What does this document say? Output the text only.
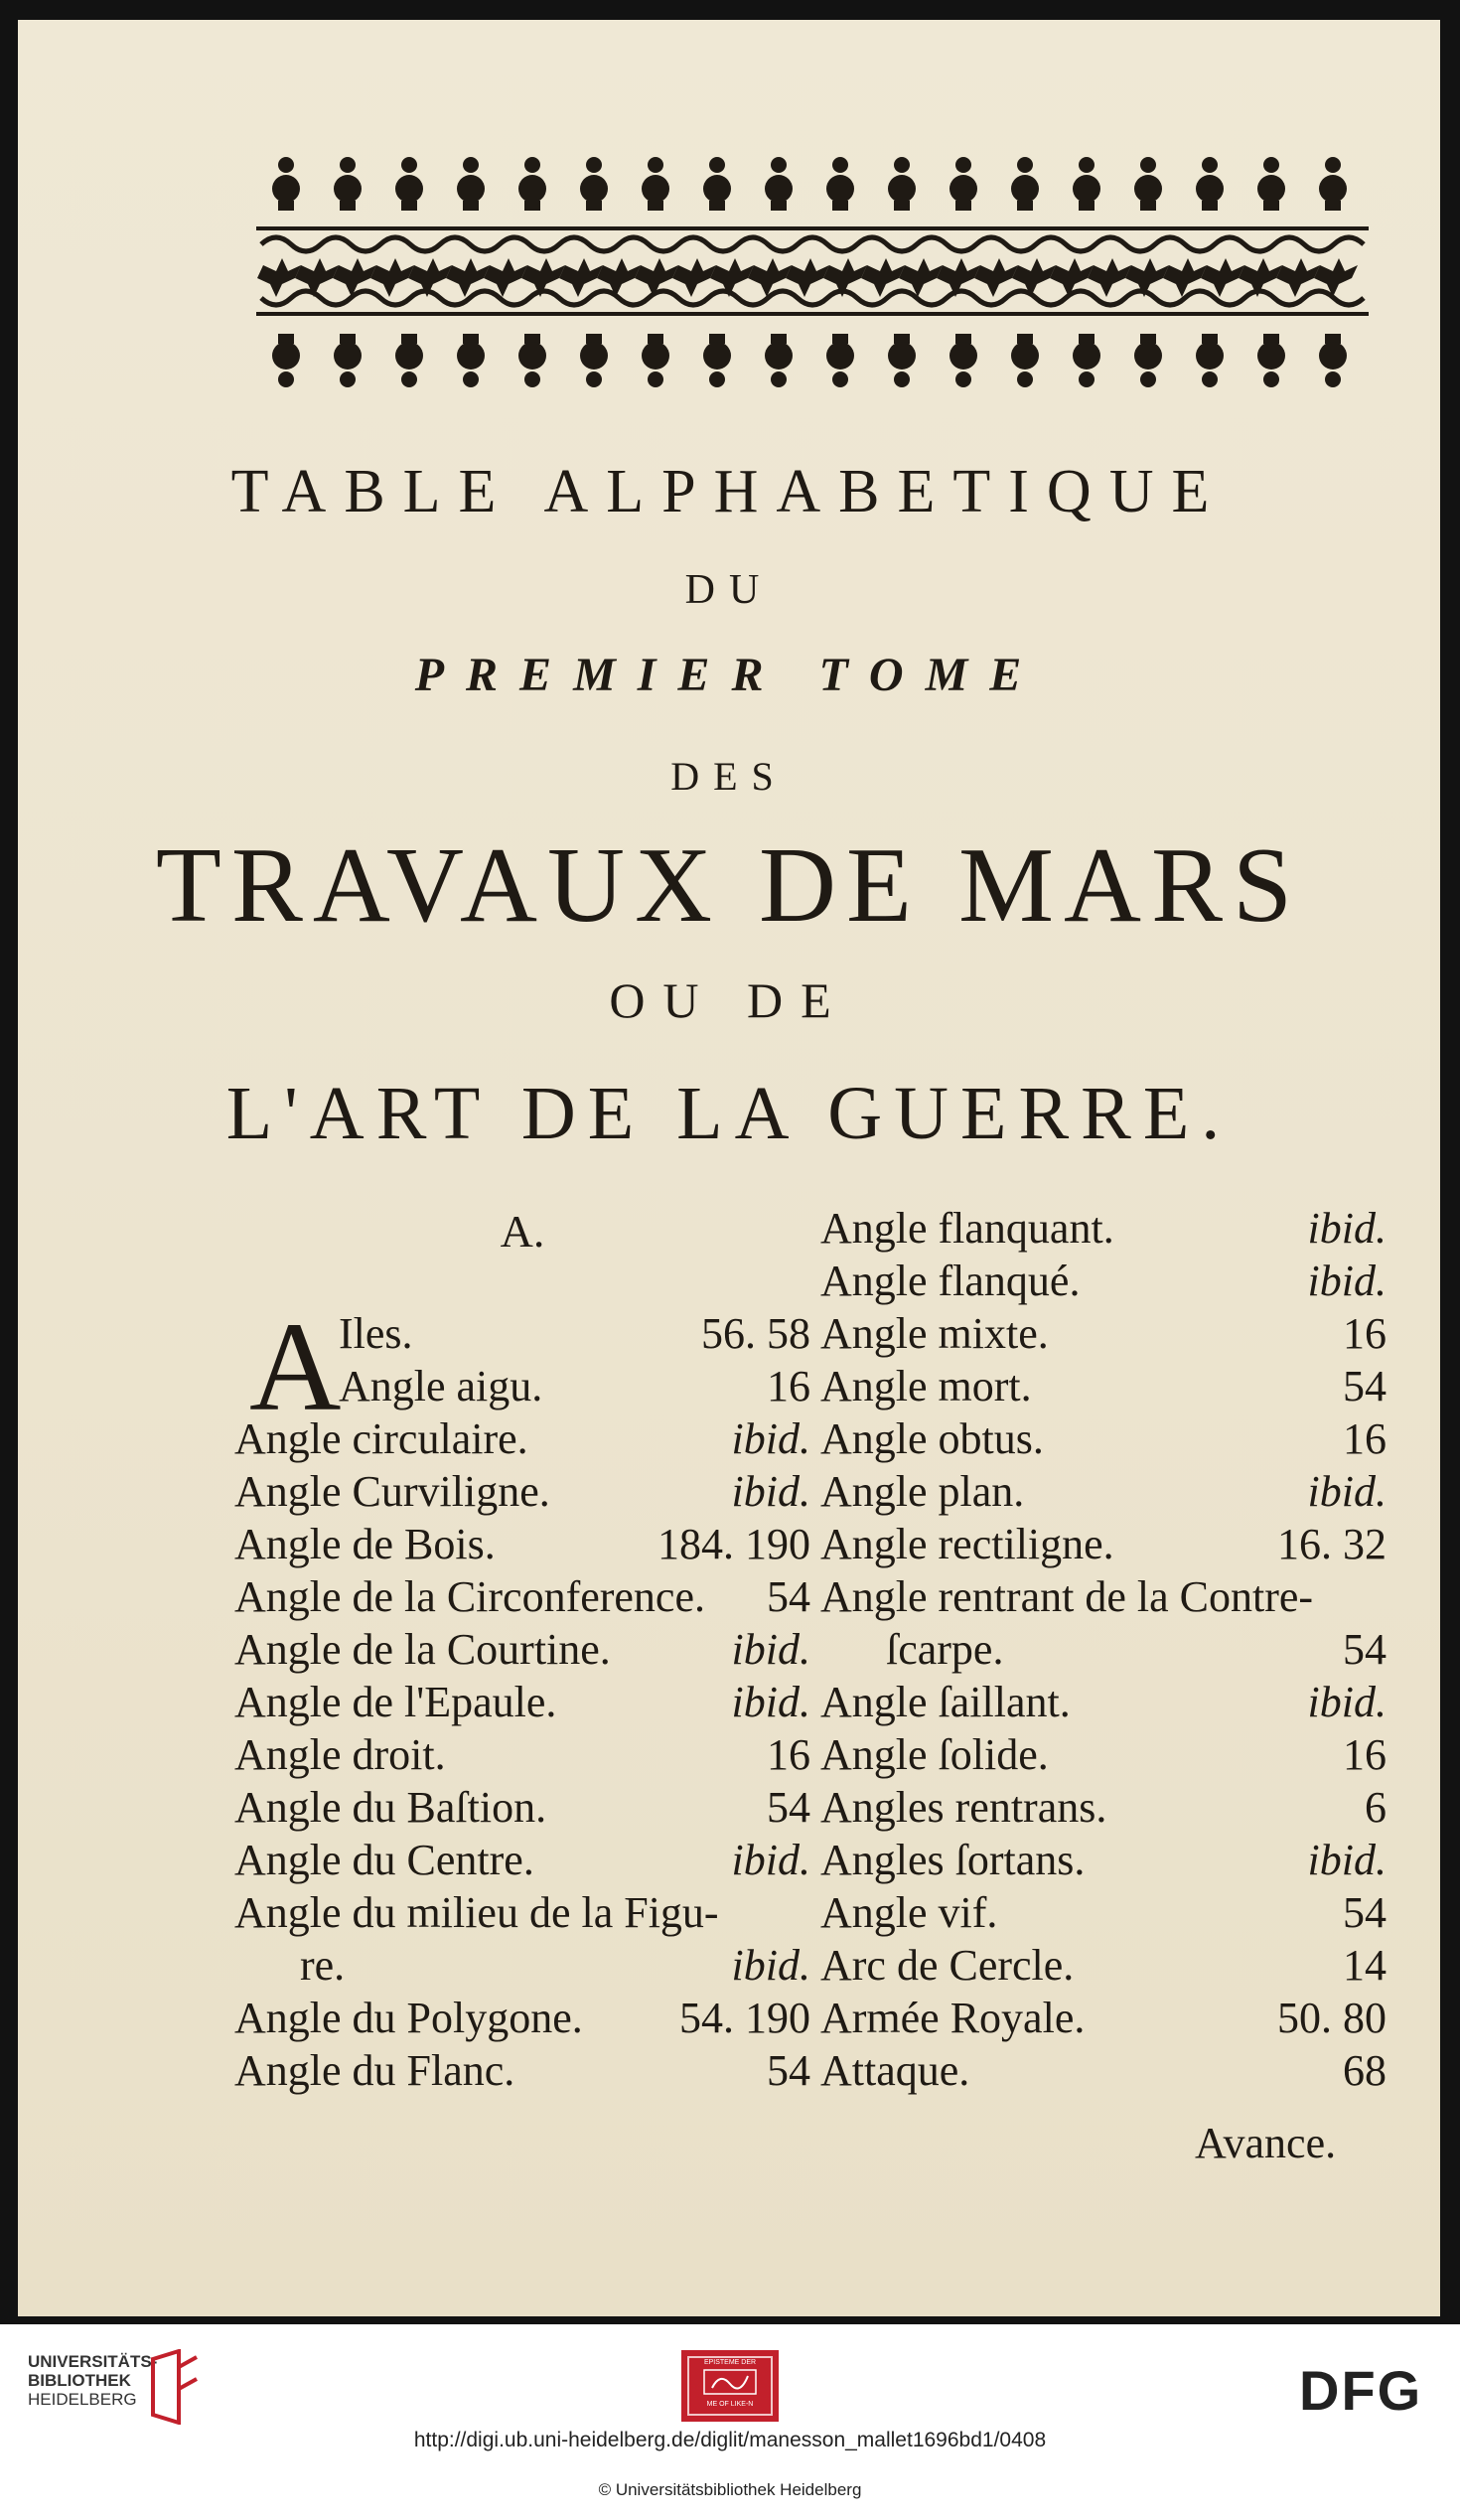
TABLE ALPHABETIQUE
DU
PREMIER TOME
DES
TRAVAUX DE MARS
OU DE
L'ART DE LA GUERRE.
A.
A
Iles.	56. 58
Angle aigu.	16
Angle circulaire.	ibid.
Angle Curviligne.	ibid.
Angle de Bois.	184. 190
Angle de la Circonference. 54
Angle de la Courtine.	ibid.
Angle de l'Epaule.	ibid.
Angle droit.	16
Angle du Baſtion.	54
Angle du Centre.	ibid.
Angle du milieu de la Figu-
re.	ibid.
Angle du Polygone. 54. 190
Angle du Flanc.	54
Angle flanquant.	ibid.
Angle flanqué.	ibid.
Angle mixte.	16
Angle mort.	54
Angle obtus.	16
Angle plan.	ibid.
Angle rectiligne.	16. 32
Angle rentrant de la Contre-
ſcarpe.	54
Angle ſaillant.	ibid.
Angle ſolide.	16
Angles rentrans.	6
Angles ſortans.	ibid.
Angle vif.	54
Arc de Cercle.	14
Armée Royale.	50. 80
Attaque.	68
Avance.
UNIVERSITÄTS-
BIBLIOTHEK
HEIDELBERG
EPISTEME DER
ME OF LIKE-N	DFG
http://digi.ub.uni-heidelberg.de/diglit/manesson_mallet1696bd1/0408
© Universitätsbibliothek Heidelberg
